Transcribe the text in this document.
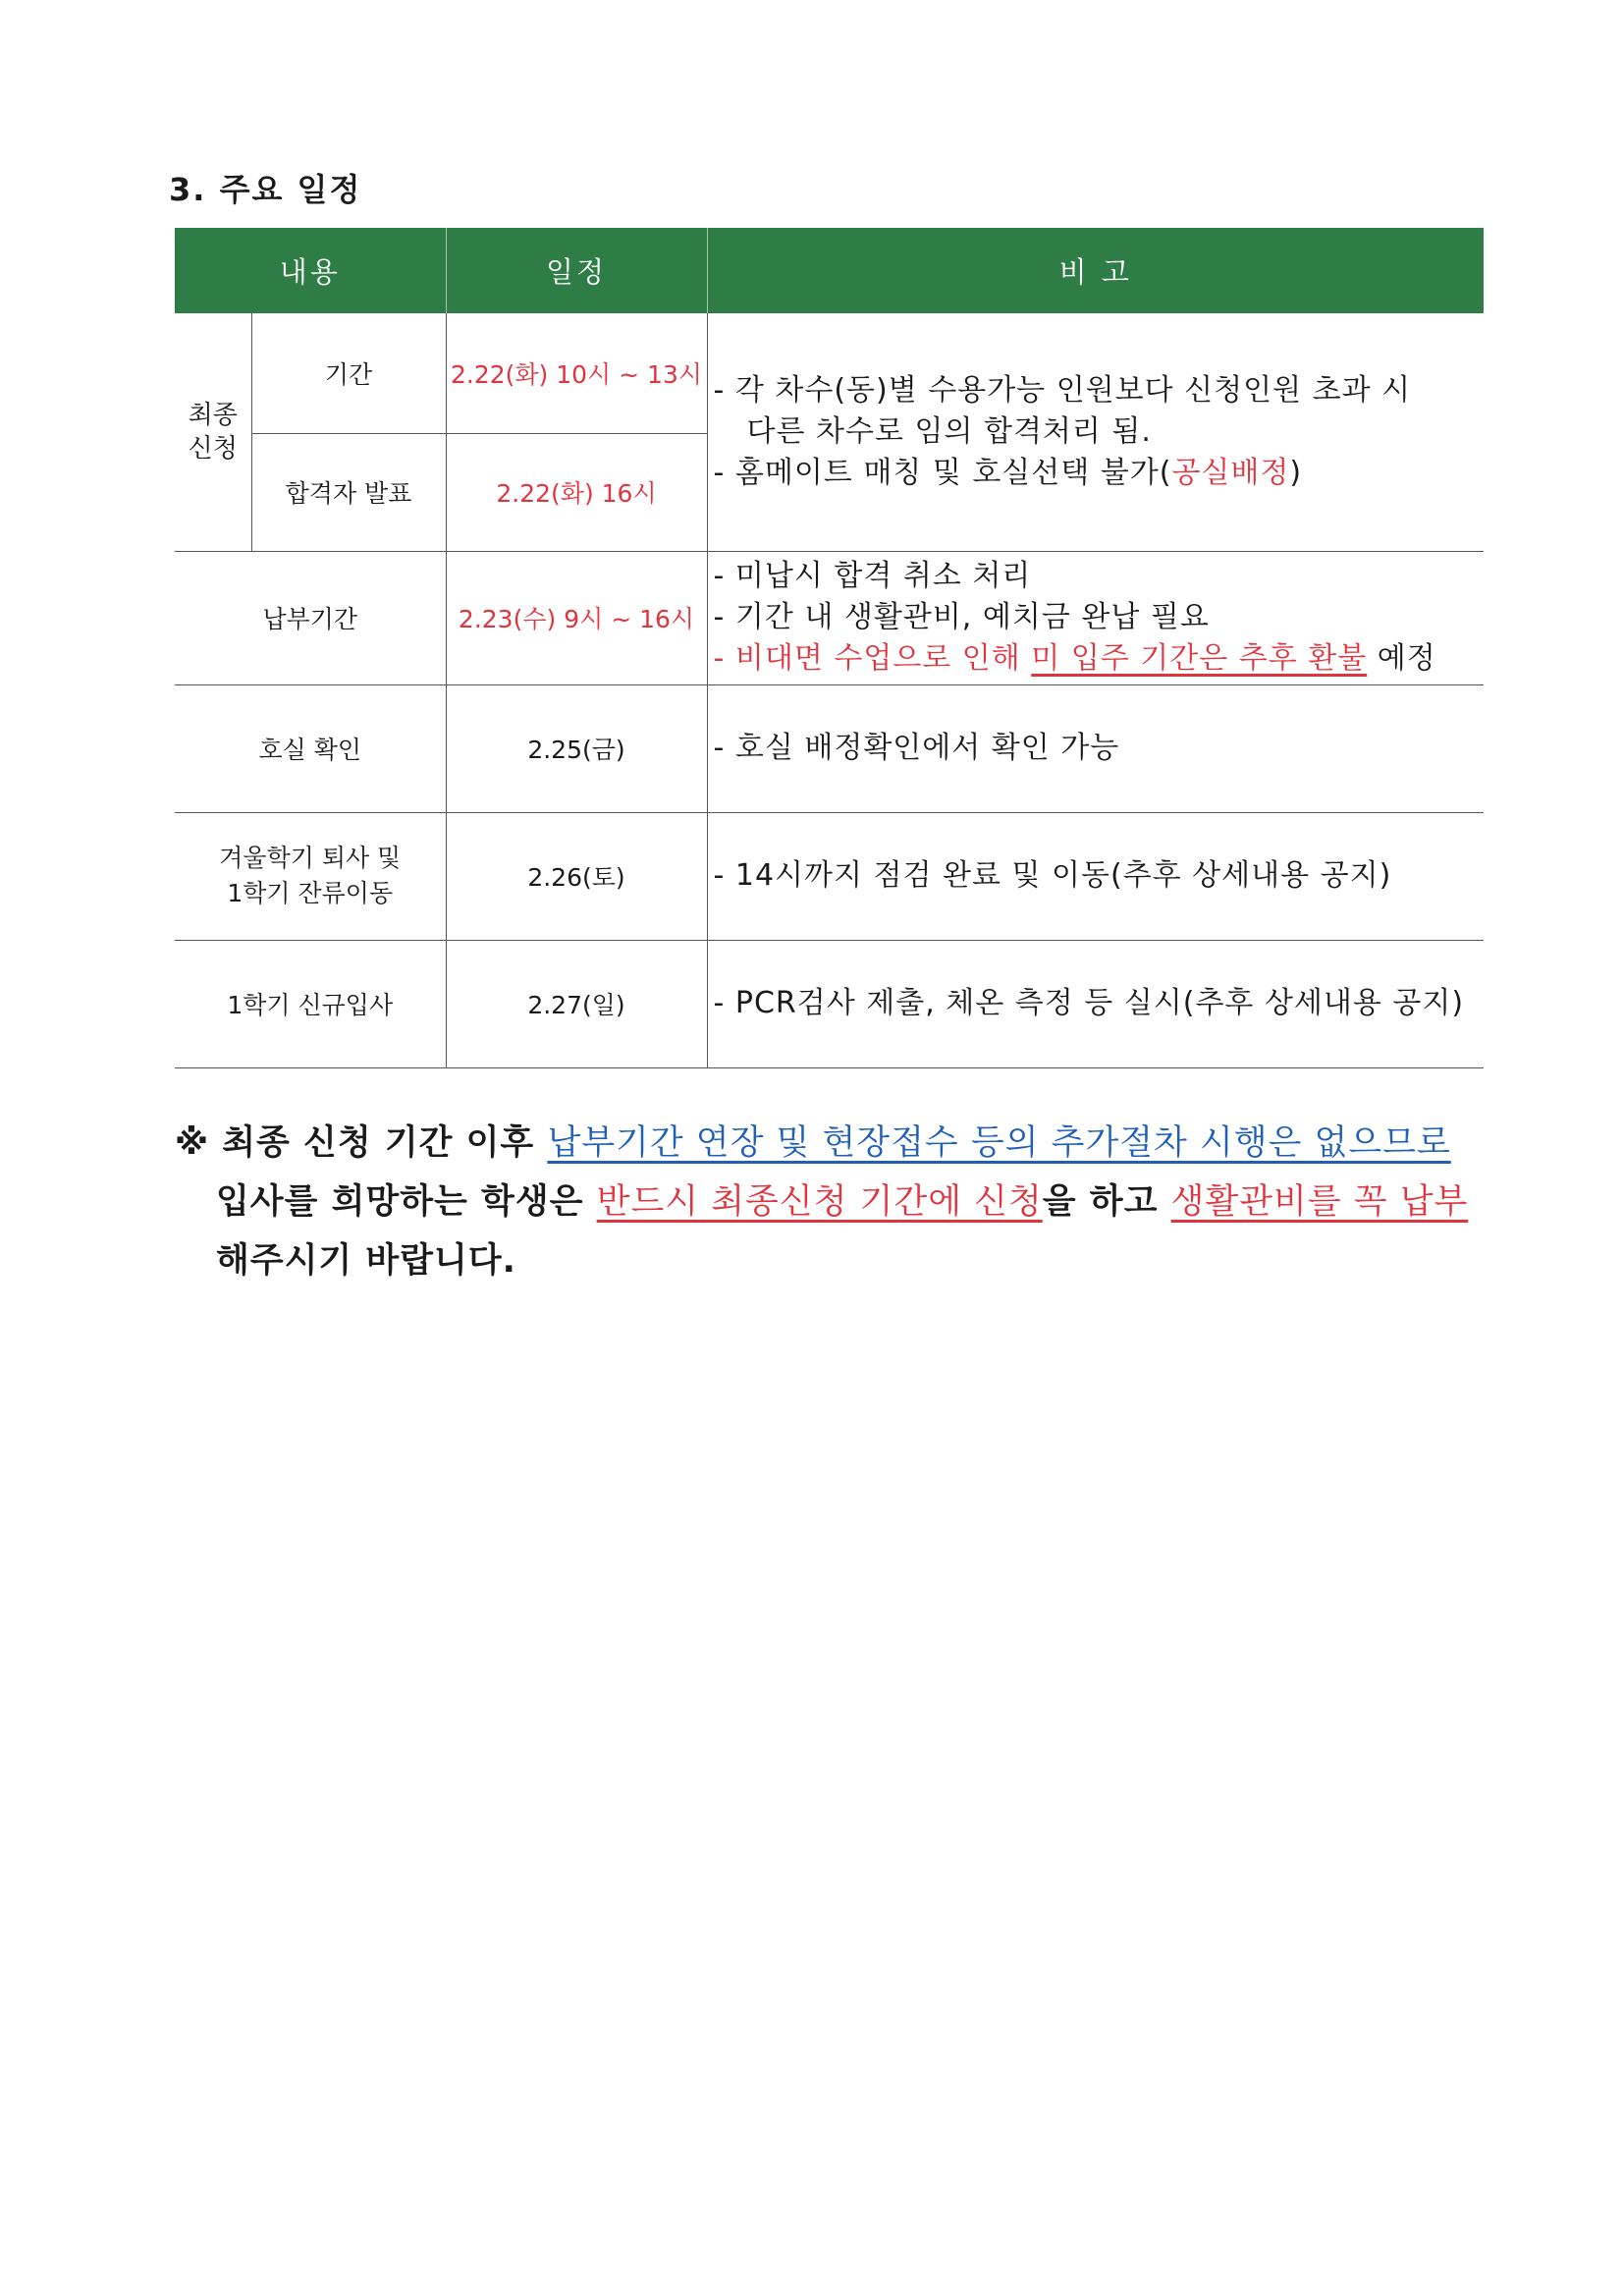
3. 주요 일정
내용		일정	비 고
최종
신청	기간	2.22(화) 10시 ~ 13시	- 각 차수(동)별 수용가능 인원보다 신청인원 초과 시
다른 차수로 임의 합격처리 됨.
- 홈메이트 매칭 및 호실선택 불가(공실배정)

	합격자 발표	2.22(화) 16시	
납부기간		2.23(수) 9시 ~ 16시	- 미납시 합격 취소 처리
- 기간 내 생활관비, 예치금 완납 필요
- 비대면 수업으로 인해 미 입주 기간은 추후 환불 예정

호실 확인		2.25(금)	- 호실 배정확인에서 확인 가능
겨울학기 퇴사 및
1학기 잔류이동		2.26(토)	- 14시까지 점검 완료 및 이동(추후 상세내용 공지)
1학기 신규입사		2.27(일)	- PCR검사 제출, 체온 측정 등 실시(추후 상세내용 공지)
※ 최종 신청 기간 이후 납부기간 연장 및 현장접수 등의 추가절차 시행은 없으므로
입사를 희망하는 학생은 반드시 최종신청 기간에 신청을 하고 생활관비를 꼭 납부
해주시기 바랍니다.
